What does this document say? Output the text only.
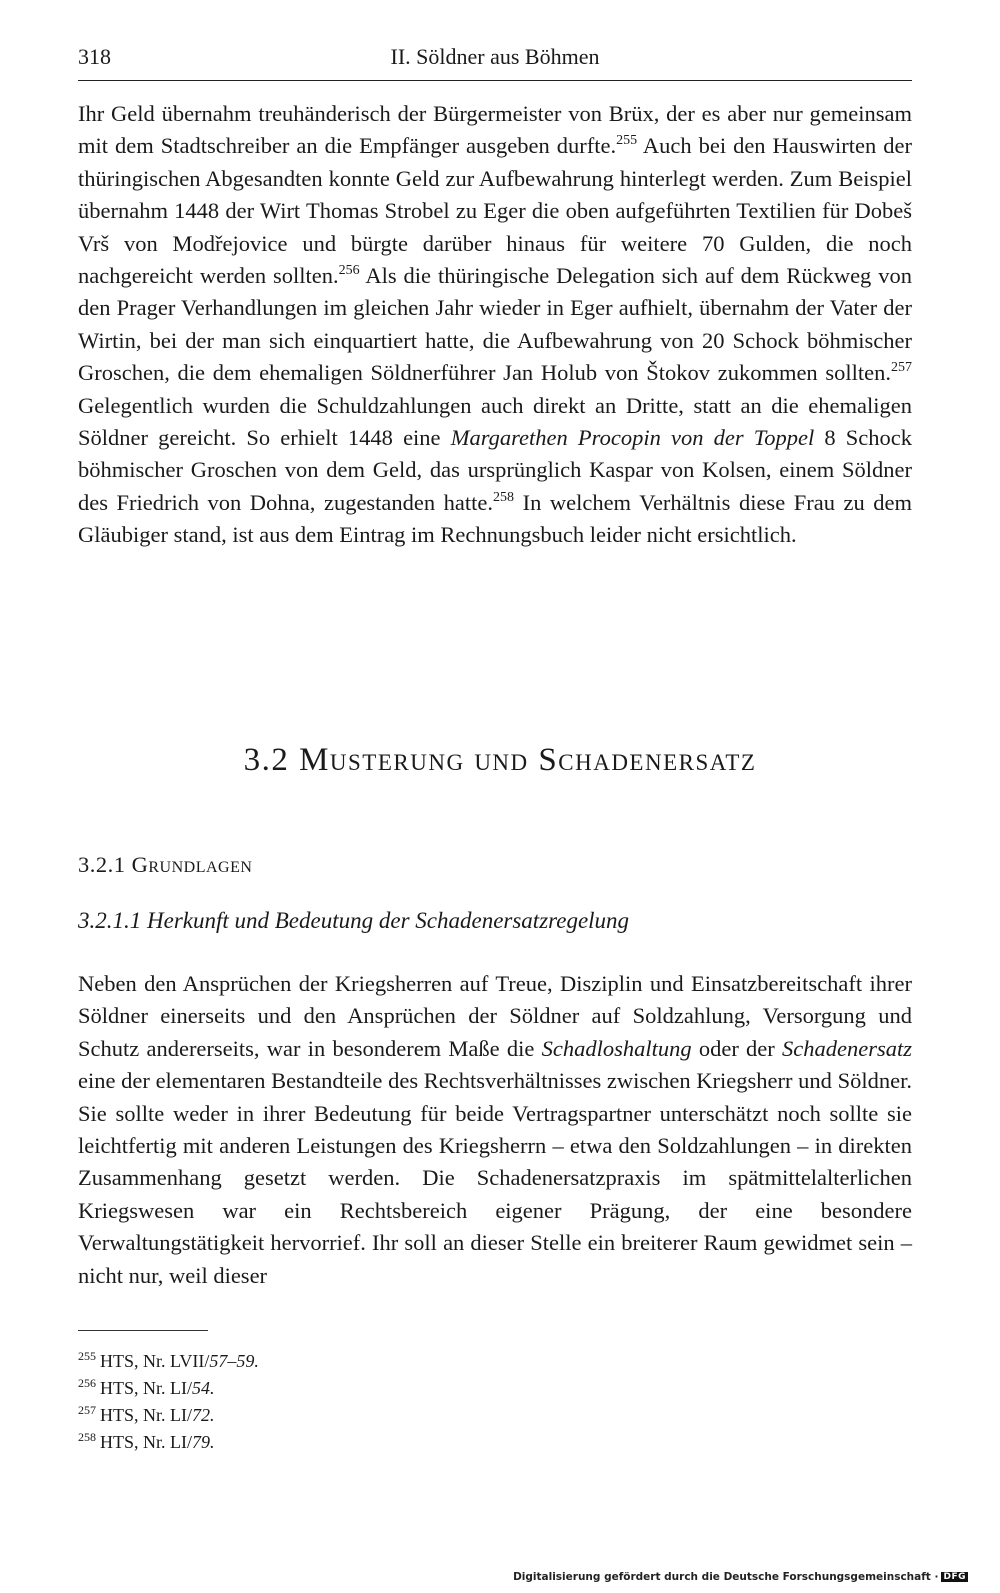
318	II. Söldner aus Böhmen

Ihr Geld übernahm treuhänderisch der Bürgermeister von Brüx, der es aber nur gemeinsam mit dem Stadtschreiber an die Empfänger ausgeben durfte.$^{255}$ Auch bei den Hauswirten der thüringischen Abgesandten konnte Geld zur Aufbewahrung hinterlegt werden. Zum Beispiel übernahm 1448 der Wirt Thomas Strobel zu Eger die oben aufgeführten Textilien für Dobeš Vrš von Modřejovice und bürgte darüber hinaus für weitere 70 Gulden, die noch nachgereicht werden sollten.$^{256}$ Als die thüringische Delegation sich auf dem Rückweg von den Prager Verhandlungen im gleichen Jahr wieder in Eger aufhielt, übernahm der Vater der Wirtin, bei der man sich einquartiert hatte, die Aufbewahrung von 20 Schock böhmischer Groschen, die dem ehemaligen Söldnerführer Jan Holub von Štokov zukommen sollten.$^{257}$ Gelegentlich wurden die Schuldzahlungen auch direkt an Dritte, statt an die ehemaligen Söldner gereicht. So erhielt 1448 eine Margarethen Procopin von der Toppel 8 Schock böhmischer Groschen von dem Geld, das ursprünglich Kaspar von Kolsen, einem Söldner des Friedrich von Dohna, zugestanden hatte.$^{258}$ In welchem Verhältnis diese Frau zu dem Gläubiger stand, ist aus dem Eintrag im Rechnungsbuch leider nicht ersichtlich.

3.2 Musterung und Schadenersatz
3.2.1 Grundlagen
3.2.1.1 Herkunft und Bedeutung der Schadenersatzregelung

Neben den Ansprüchen der Kriegsherren auf Treue, Disziplin und Einsatzbereitschaft ihrer Söldner einerseits und den Ansprüchen der Söldner auf Soldzahlung, Versorgung und Schutz andererseits, war in besonderem Maße die Schadloshaltung oder der Schadenersatz eine der elementaren Bestandteile des Rechtsverhältnisses zwischen Kriegsherr und Söldner. Sie sollte weder in ihrer Bedeutung für beide Vertragspartner unterschätzt noch sollte sie leichtfertig mit anderen Leistungen des Kriegsherrn – etwa den Soldzahlungen – in direkten Zusammenhang gesetzt werden. Die Schadenersatzpraxis im spätmittelalterlichen Kriegswesen war ein Rechtsbereich eigener Prägung, der eine besondere Verwaltungstätigkeit hervorrief. Ihr soll an dieser Stelle ein breiterer Raum gewidmet sein – nicht nur, weil dieser

$^{255}$ HTS, Nr. LVII/57–59.
$^{256}$ HTS, Nr. LI/54.
$^{257}$ HTS, Nr. LI/72.
$^{258}$ HTS, Nr. LI/79.
Digitalisierung gefördert durch die Deutsche Forschungsgemeinschaft · DFG
